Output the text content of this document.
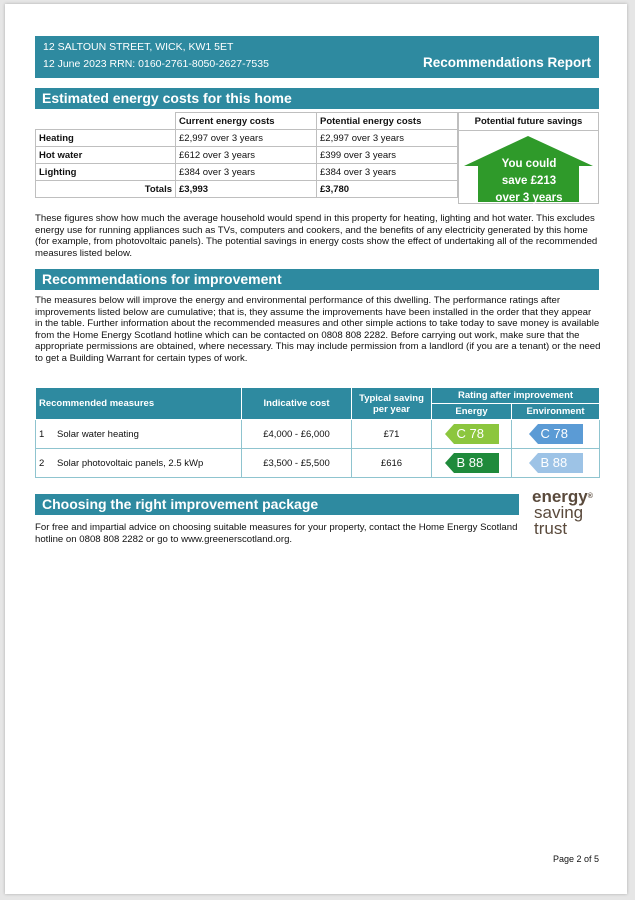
12 SALTOUN STREET, WICK, KW1 5ET
12 June 2023 RRN: 0160-2761-8050-2627-7535	Recommendations Report
Estimated energy costs for this home
	Current energy costs	Potential energy costs
Heating	£2,997 over 3 years	£2,997 over 3 years
Hot water	£612 over 3 years	£399 over 3 years
Lighting	£384 over 3 years	£384 over 3 years
Totals	£3,993	£3,780
Potential future savings
You could
save £213
over 3 years
These figures show how much the average household would spend in this property for heating, lighting and hot water. This excludes energy use for running appliances such as TVs, computers and cookers, and the benefits of any electricity generated by this home (for example, from photovoltaic panels). The potential savings in energy costs show the effect of undertaking all of the recommended measures listed below.
Recommendations for improvement
The measures below will improve the energy and environmental performance of this dwelling. The performance ratings after improvements listed below are cumulative; that is, they assume the improvements have been installed in the order that they appear in the table. Further information about the recommended measures and other simple actions to take today to save money is available from the Home Energy Scotland hotline which can be contacted on 0808 808 2282. Before carrying out work, make sure that the appropriate permissions are obtained, where necessary. This may include permission from a landlord (if you are a tenant) or the need to get a Building Warrant for certain types of work.
Recommended measures	Indicative cost	Typical saving per year	Rating after improvement	
			Energy	Environment
1 Solar water heating	£4,000 - £6,000	£71	C 78	C 78

2 Solar photovoltaic panels, 2.5 kWp	£3,500 - £5,500	£616	B 88	B 88
Choosing the right improvement package
For free and impartial advice on choosing suitable measures for your property, contact the Home Energy Scotland hotline on 0808 808 2282 or go to www.greenerscotland.org.
energy®
saving
trust
Page 2 of 5
